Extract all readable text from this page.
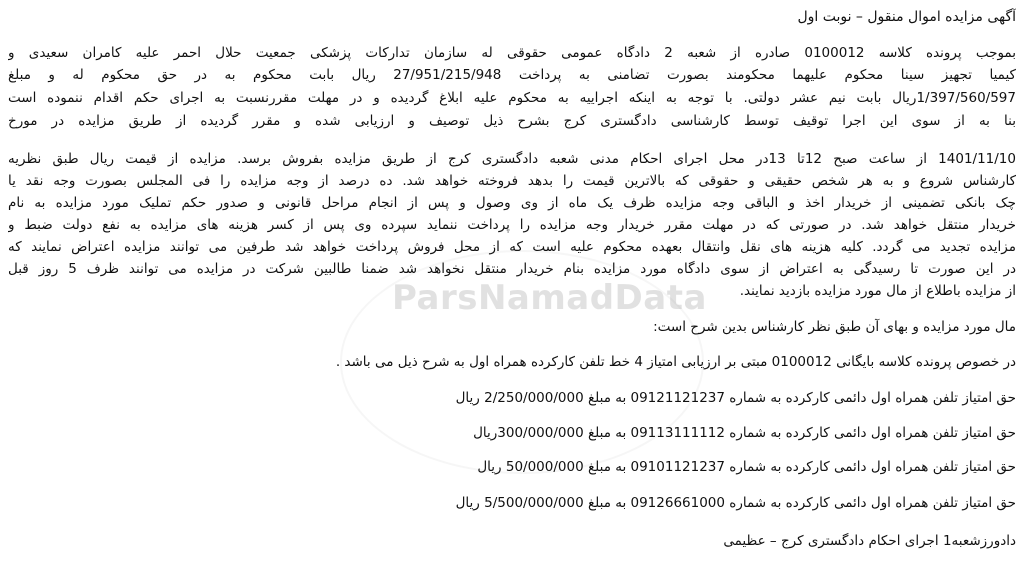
آگهی مزایده اموال منقول – نوبت اول
بموجب پرونده کلاسه 0100012 صادره از شعبه 2 دادگاه عمومی حقوقی له سازمان تدارکات پزشکی جمعیت حلال احمر علیه کامران سعیدی و
کیمیا تجهیز سینا محکوم علیهما محکومند بصورت تضامنی به پرداخت 27/951/215/948 ریال بابت محکوم به در حق محکوم له و مبلغ
1/397/560/597ریال بابت نیم عشر دولتی. با توجه به اینکه اجراییه به محکوم علیه ابلاغ گردیده و در مهلت مقررنسبت به اجرای حکم اقدام ننموده است
بنا به از سوی این اجرا توقیف توسط کارشناسی دادگستری کرج بشرح ذیل توصیف و ارزیابی شده و مقرر گردیده از طریق مزایده در مورخ
1401/11/10 از ساعت صبح 12تا 13در محل اجرای احکام مدنی شعبه دادگستری کرج از طریق مزایده بفروش برسد. مزایده از قیمت ریال طبق نظریه
کارشناس شروع و به هر شخص حقیقی و حقوقی که بالاترین قیمت را بدهد فروخته خواهد شد. ده درصد از وجه مزایده را فی المجلس بصورت وجه نقد یا
چک بانکی تضمینی از خریدار اخذ و الباقی وجه مزایده ظرف یک ماه از وی وصول و پس از انجام مراحل قانونی و صدور حکم تملیک مورد مزایده به نام
خریدار منتقل خواهد شد. در صورتی که در مهلت مقرر خریدار وجه مزایده را پرداخت ننماید سپرده وی پس از کسر هزینه های مزایده به نفع دولت ضبط و
مزایده تجدید می گردد. کلیه هزینه های نقل وانتقال بعهده محکوم علیه است که از محل فروش پرداخت خواهد شد طرفین می توانند مزایده اعتراض نمایند که
در این صورت تا رسیدگی به اعتراض از سوی دادگاه مورد مزایده بنام خریدار منتقل نخواهد شد ضمنا طالبین شرکت در مزایده می توانند ظرف 5 روز قبل
از مزایده باطلاع از مال مورد مزایده بازدید نمایند.
مال مورد مزایده و بهای آن طبق نظر کارشناس بدین شرح است:
در خصوص پرونده کلاسه بایگانی 0100012 مبتی بر ارزیابی امتیاز 4 خط تلفن کارکرده همراه اول به شرح ذیل می باشد .
حق امتیاز تلفن همراه اول دائمی کارکرده به شماره 09121121237 به مبلغ 2/250/000/000 ریال
حق امتیاز تلفن همراه اول دائمی کارکرده به شماره 09113111112 به مبلغ 300/000/000ریال
حق امتیاز تلفن همراه اول دائمی کارکرده به شماره 09101121237 به مبلغ 50/000/000 ریال
حق امتیاز تلفن همراه اول دائمی کارکرده به شماره 09126661000 به مبلغ 5/500/000/000 ریال
دادورزشعبه1 اجرای احکام دادگستری کرج – عظیمی
ParsNamadData
